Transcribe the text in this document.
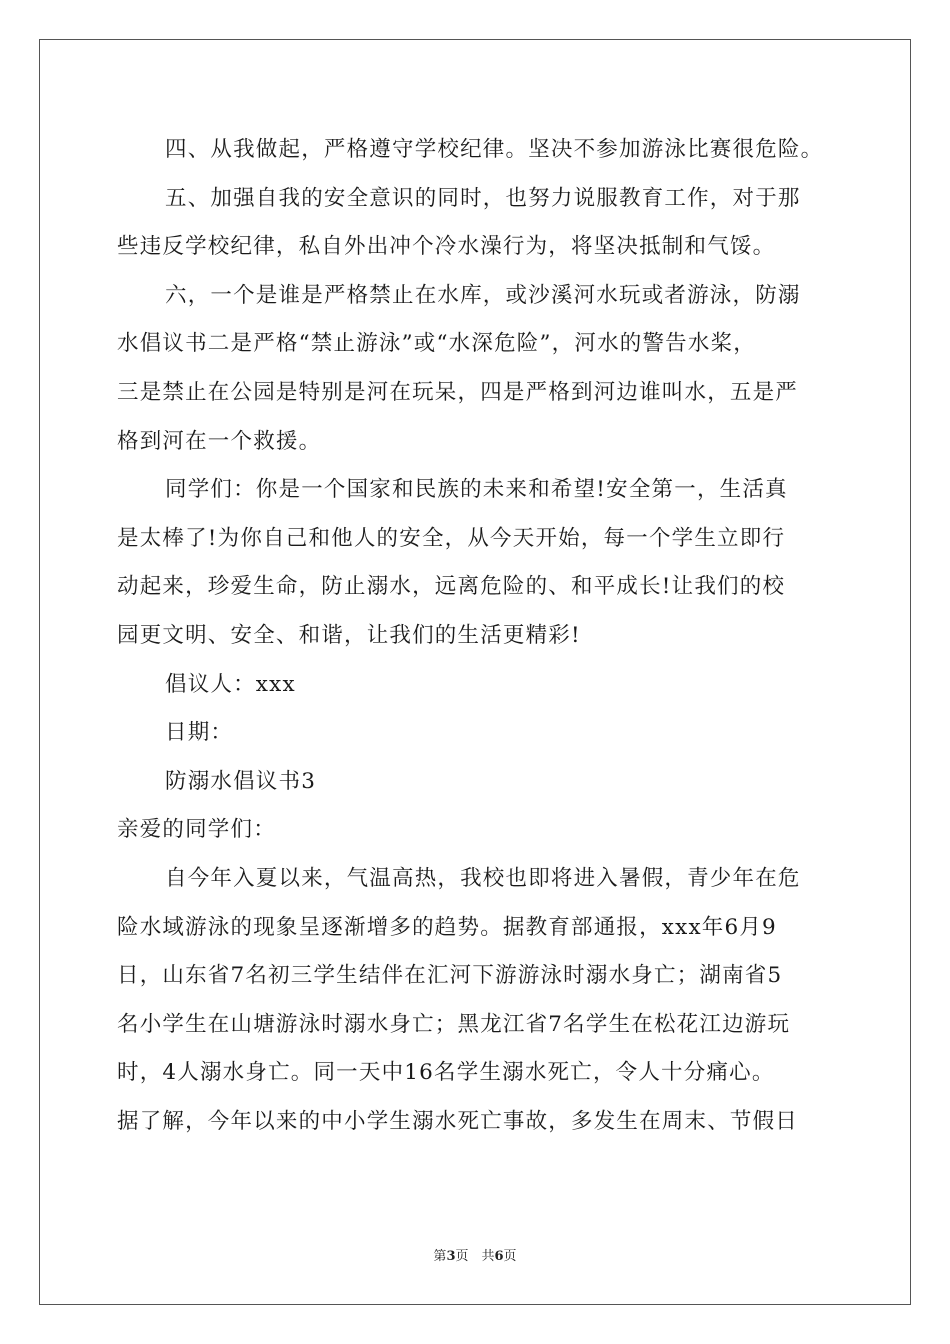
四、从我做起，严格遵守学校纪律。坚决不参加游泳比赛很危险。
五、加强自我的安全意识的同时，也努力说服教育工作，对于那
些违反学校纪律，私自外出冲个冷水澡行为，将坚决抵制和气馁。
六，一个是谁是严格禁止在水库，或沙溪河水玩或者游泳，防溺
水倡议书二是严格“禁止游泳”或“水深危险”，河水的警告水桨，
三是禁止在公园是特别是河在玩呆，四是严格到河边谁叫水，五是严
格到河在一个救援。
同学们：你是一个国家和民族的未来和希望!安全第一，生活真
是太棒了!为你自己和他人的安全，从今天开始，每一个学生立即行
动起来，珍爱生命，防止溺水，远离危险的、和平成长!让我们的校
园更文明、安全、和谐，让我们的生活更精彩!
倡议人：xxx
日期：
防溺水倡议书3
亲爱的同学们：
自今年入夏以来，气温高热，我校也即将进入暑假，青少年在危
险水域游泳的现象呈逐渐增多的趋势。据教育部通报，xxx年6月9
日，山东省7名初三学生结伴在汇河下游游泳时溺水身亡；湖南省5
名小学生在山塘游泳时溺水身亡；黑龙江省7名学生在松花江边游玩
时，4人溺水身亡。同一天中16名学生溺水死亡，令人十分痛心。
据了解，今年以来的中小学生溺水死亡事故，多发生在周末、节假日
第3页　共6页
